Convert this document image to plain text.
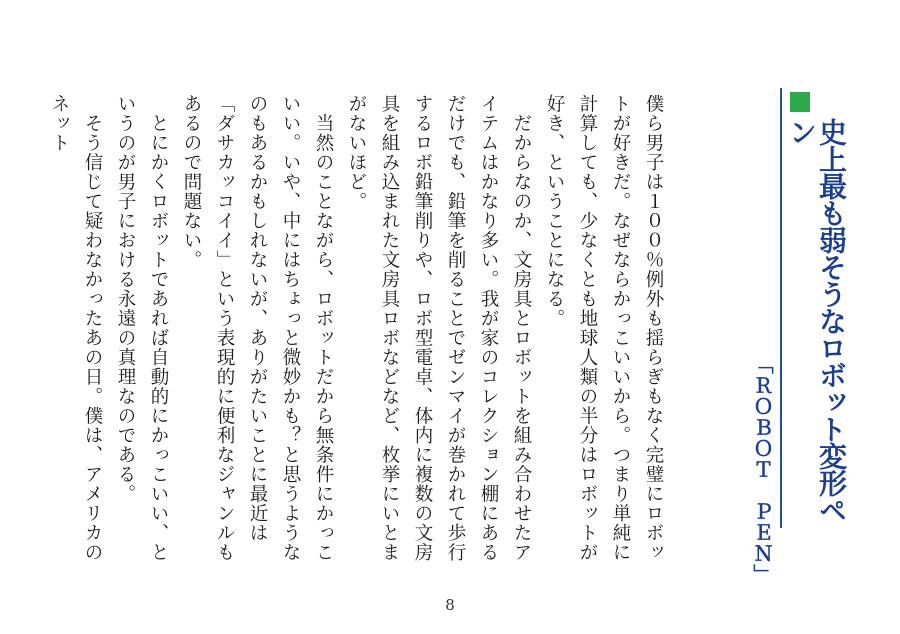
史上最も弱そうなロボット変形ペン
「ＲＯＢＯＴ　ＰＥＮ」

僕ら男子は１００％例外も揺らぎもなく完璧にロボットが好きだ。なぜならかっこいいから。つまり単純に計算しても、少なくとも地球人類の半分はロボットが好き、ということになる。

　だからなのか、文房具とロボットを組み合わせたアイテムはかなり多い。我が家のコレクション棚にあるだけでも、鉛筆を削ることでゼンマイが巻かれて歩行するロボ鉛筆削りや、ロボ型電卓、体内に複数の文房具を組み込まれた文房具ロボなどなど、枚挙にいとまがないほど。

　当然のことながら、ロボットだから無条件にかっこいい。いや、中にはちょっと微妙かも？と思うようなのもあるかもしれないが、ありがたいことに最近は「ダサカッコイイ」という表現的に便利なジャンルもあるので問題ない。

　とにかくロボットであれば自動的にかっこいい、というのが男子における永遠の真理なのである。

　そう信じて疑わなかったあの日。僕は、アメリカのネット

8
